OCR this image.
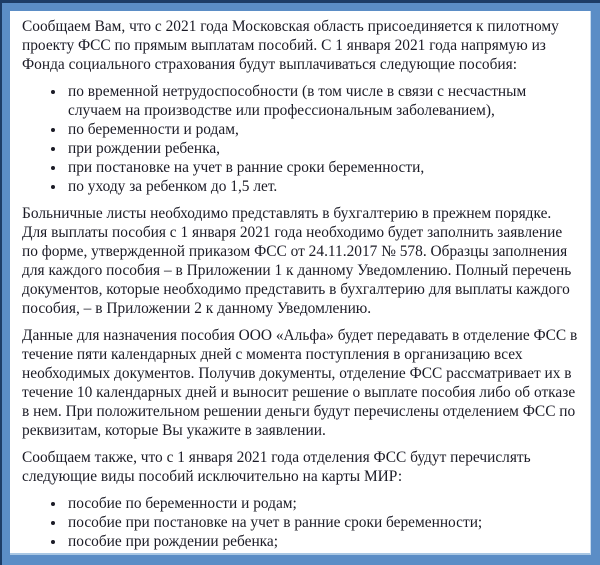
Сообщаем Вам, что с 2021 года Московская область присоединяется к пилотному проекту ФСС по прямым выплатам пособий. С 1 января 2021 года напрямую из Фонда социального страхования будут выплачиваться следующие пособия:

• по временной нетрудоспособности (в том числе в связи с несчастным случаем на производстве или профессиональным заболеванием),
• по беременности и родам,
• при рождении ребенка,
• при постановке на учет в ранние сроки беременности,
• по уходу за ребенком до 1,5 лет.

Больничные листы необходимо представлять в бухгалтерию в прежнем порядке. Для выплаты пособия с 1 января 2021 года необходимо будет заполнить заявление по форме, утвержденной приказом ФСС от 24.11.2017 № 578. Образцы заполнения для каждого пособия – в Приложении 1 к данному Уведомлению. Полный перечень документов, которые необходимо представить в бухгалтерию для выплаты каждого пособия, – в Приложении 2 к данному Уведомлению.

Данные для назначения пособия ООО «Альфа» будет передавать в отделение ФСС в течение пяти календарных дней с момента поступления в организацию всех необходимых документов. Получив документы, отделение ФСС рассматривает их в течение 10 календарных дней и выносит решение о выплате пособия либо об отказе в нем. При положительном решении деньги будут перечислены отделением ФСС по реквизитам, которые Вы укажите в заявлении.

Сообщаем также, что с 1 января 2021 года отделения ФСС будут перечислять следующие виды пособий исключительно на карты МИР:

• пособие по беременности и родам;
• пособие при постановке на учет в ранние сроки беременности;
• пособие при рождении ребенка;
